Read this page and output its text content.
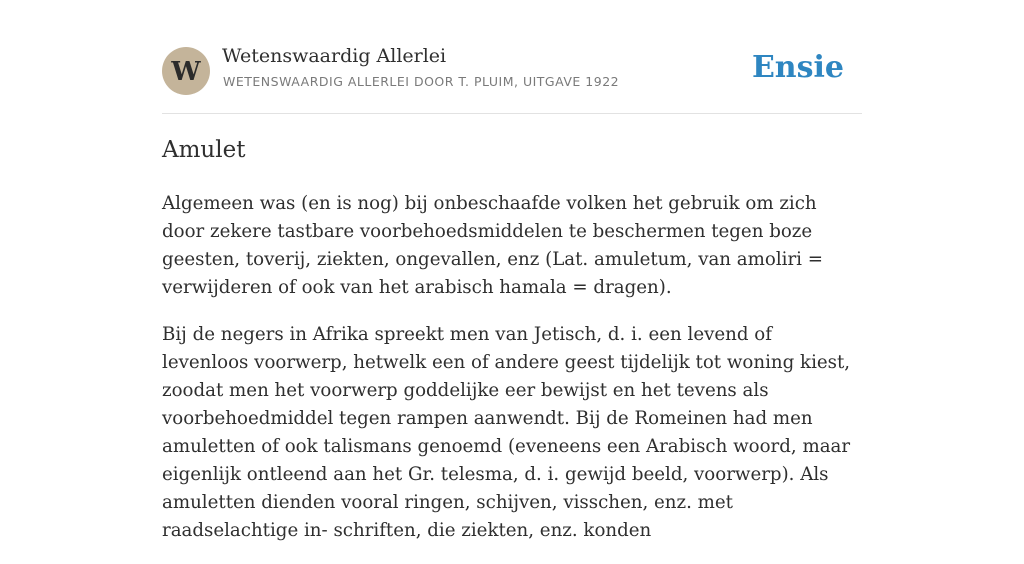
W
Wetenswaardig Allerlei
WETENSWAARDIG ALLERLEI DOOR T. PLUIM, UITGAVE 1922	Ensie
Amulet

Algemeen was (en is nog) bij onbeschaafde volken het gebruik om zich door zekere tastbare voorbehoedsmiddelen te beschermen tegen boze geesten, toverij, ziekten, ongevallen, enz (Lat. amuletum, van amoliri = verwijderen of ook van het arabisch hamala = dragen).

Bij de negers in Afrika spreekt men van Jetisch, d. i. een levend of levenloos voorwerp, hetwelk een of andere geest tijdelijk tot woning kiest, zoodat men het voorwerp goddelijke eer bewijst en het tevens als voorbehoedmiddel tegen rampen aanwendt. Bij de Romeinen had men amuletten of ook talismans genoemd (eveneens een Arabisch woord, maar eigenlijk ontleend aan het Gr. telesma, d. i. gewijd beeld, voorwerp). Als amuletten dienden vooral ringen, schijven, visschen, enz. met raadselachtige in- schriften, die ziekten, enz. konden
